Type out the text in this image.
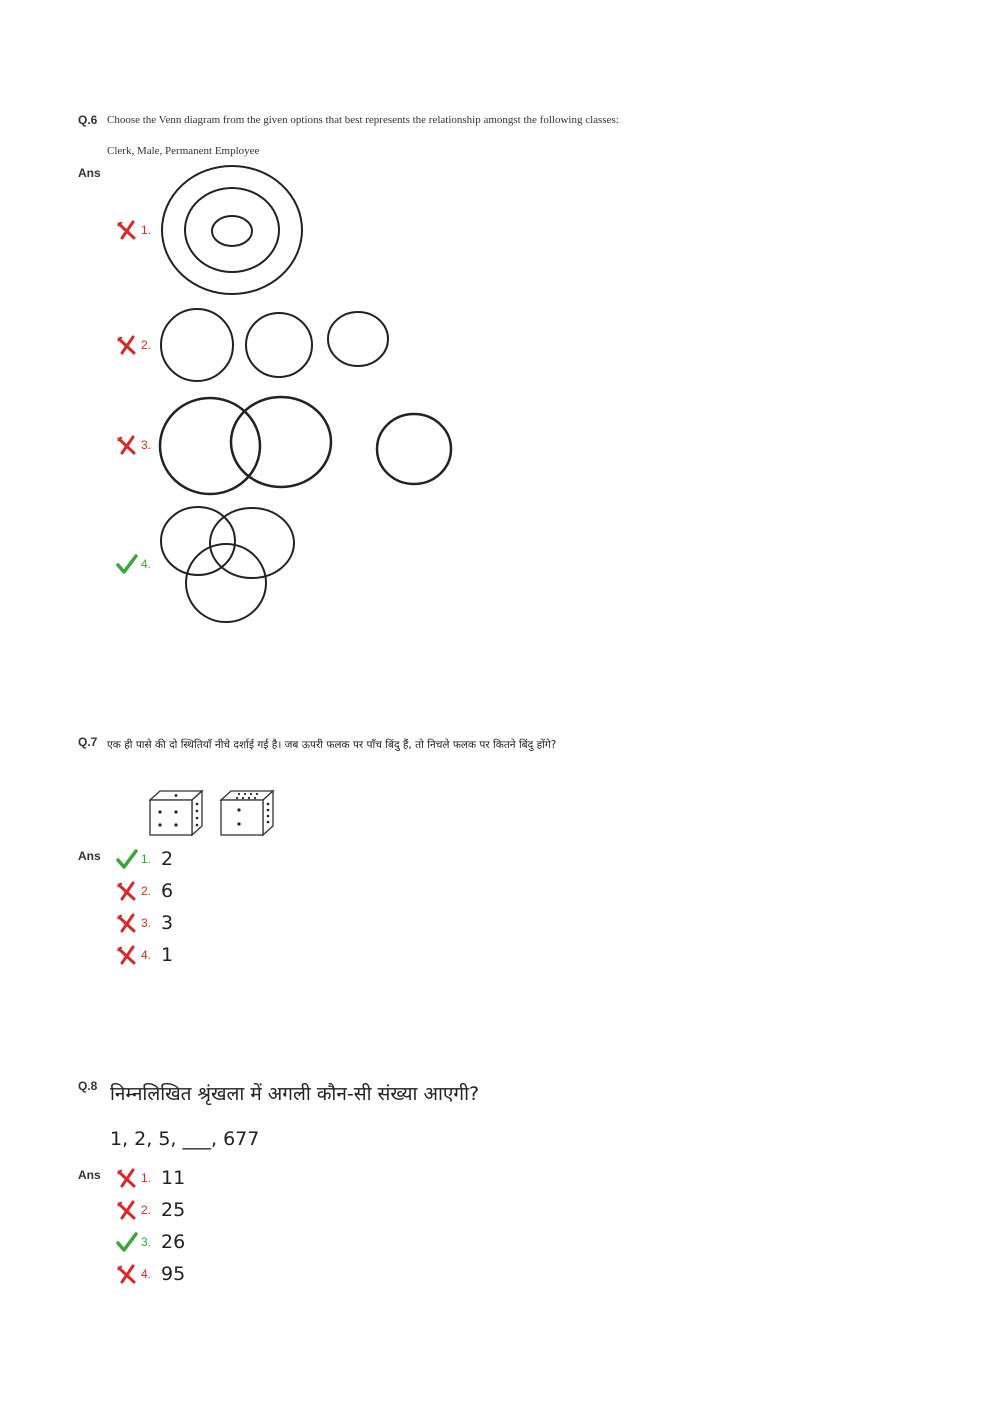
Q.6 Choose the Venn diagram from the given options that best represents the relationship amongst the following classes:
Clerk, Male, Permanent Employee
Ans
1.
2.
3.
4.
Q.7 एक ही पासे की दो स्थितियाँ नीचे दर्शाई गई है। जब ऊपरी फलक पर पाँच बिंदु हैं, तो निचले फलक पर कितने बिंदु होंगे?
Ans	1. 2
2. 6
3. 3
4. 1
Q.8 निम्नलिखित श्रृंखला में अगली कौन-सी संख्या आएगी?
1, 2, 5, ___, 677
Ans	1. 11
2. 25
3. 26
4. 95
